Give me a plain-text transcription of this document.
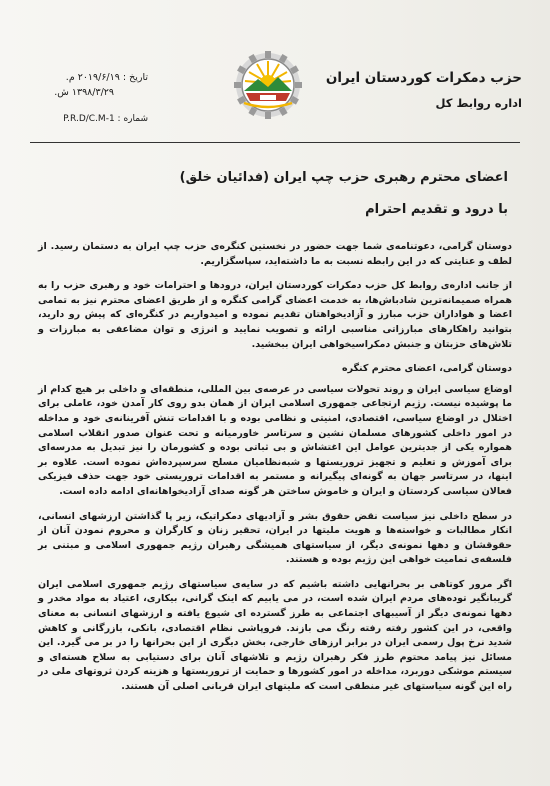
حزب دمکرات کوردستان ایران
اداره روابط کل
تاریخ : ۲۰۱۹/۶/۱۹ م.
۱۳۹۸/۳/۲۹ ش.
شماره : P.R.D/C.M-1
اعضای محترم رهبری حزب چپ ایران (فدائیان خلق)
با درود و تقدیم احترام

دوستان گرامی، دعوتنامه‌ی شما جهت حضور در نخستین کنگره‌ی حزب چپ ایران به دستمان رسید. از لطف و عنایتی که در این رابطه نسبت به ما داشته‌اید، سپاسگزاریم.

از جانب اداره‌ی روابط کل حزب دمکرات کوردستان ایران، درودها و احترامات خود و رهبری حزب را به همراه صمیمانه‌ترین شادباش‌ها، به خدمت اعضای گرامی کنگره و از طریق اعضای محترم نیز به تمامی اعضا و هواداران حزب مبارز و آزادیخواهتان تقدیم نموده و امیدواریم در کنگره‌ای که پیش رو دارید، بتوانید راهکارهای مبارزاتی مناسبی ارائه و تصویب نمایید و انرژی و توان مضاعفی به مبارزات و تلاش‌های حزبتان و جنبش دمکراسیخواهی ایران ببخشید.

دوستان گرامی، اعضای محترم کنگره

اوضاع سیاسی ایران و روند تحولات سیاسی در عرصه‌ی بین المللی، منطقه‌ای و داخلی بر هیچ کدام از ما پوشیده نیست. رژیم ارتجاعی جمهوری اسلامی ایران از همان بدو روی کار آمدن خود، عاملی برای اختلال در اوضاع سیاسی، اقتصادی، امنیتی و نظامی بوده و با اقدامات تنش آفرینانه‌ی خود و مداخله در امور داخلی کشورهای مسلمان نشین و سرتاسر خاورمیانه و تحت عنوان صدور انقلاب اسلامی همواره یکی از جدیترین عوامل این اغتشاش و بی ثباتی بوده و کشورمان را نیز تبدیل به مدرسه‌ای برای آموزش و تعلیم و تجهیز تروریستها و شبه‌نظامیان مسلح سرسپرده‌اش نموده است. علاوه بر اینها، در سرتاسر جهان به گونه‌ای پیگیرانه و مستمر به اقدامات تروریستی خود جهت حذف فیزیکی فعالان سیاسی کردستان و ایران و خاموش ساختن هر گونه صدای آزادیخواهانه‌ای ادامه داده است.

در سطح داخلی نیز سیاست نقض حقوق بشر و آزادیهای دمکراتیک، زیر پا گذاشتن ارزشهای انسانی، انکار مطالبات و خواسته‌ها و هویت ملیتها در ایران، تحقیر زنان و کارگران و محروم نمودن آنان از حقوقشان و دهها نمونه‌ی دیگر، از سیاستهای همیشگی رهبران رژیم جمهوری اسلامی و مبتنی بر فلسفه‌ی تمامیت خواهی این رژیم بوده و هستند.

اگر مرور کوتاهی بر بحرانهایی داشته باشیم که در سایه‌ی سیاستهای رژیم جمهوری اسلامی ایران گریبانگیر توده‌های مردم ایران شده است، در می یابیم که اینک گرانی، بیکاری، اعتیاد به مواد مخدر و دهها نمونه‌ی دیگر از آسیبهای اجتماعی به طرز گسترده ای شیوع یافته و ارزشهای انسانی به معنای واقعی، در این کشور رفته رفته رنگ می بازند. فروپاشی نظام اقتصادی، بانکی، بازرگانی و کاهش شدید نرخ پول رسمی ایران در برابر ارزهای خارجی، بخش دیگری از این بحرانها را در بر می گیرد. این مسائل نیز پیامد محتوم طرز فکر رهبران رژیم و تلاشهای آنان برای دستیابی به سلاح هسته‌ای و سیستم موشکی دوربرد، مداخله در امور کشورها و حمایت از تروریستها و هزینه کردن ثروتهای ملی در راه این گونه سیاستهای غیر منطقی است که ملیتهای ایران قربانی اصلی آن هستند.
